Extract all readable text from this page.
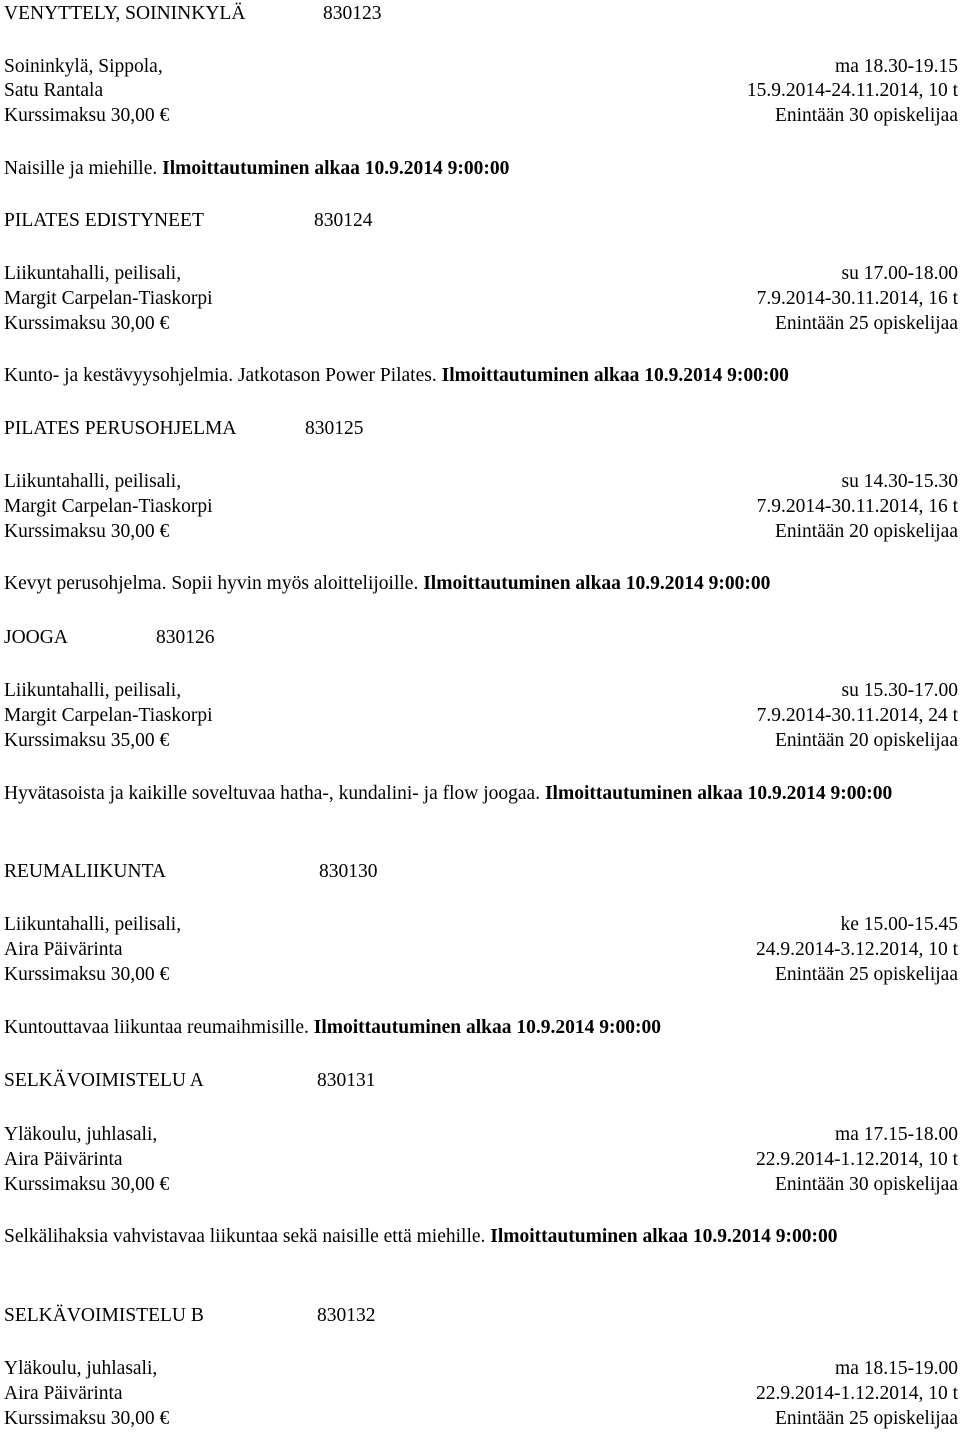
VENYTTELY, SOININKYLÄ	830123
Soininkylä, Sippola,	ma 18.30-19.15
Satu Rantala	15.9.2014-24.11.2014, 10 t
Kurssimaksu 30,00 €	Enintään 30 opiskelijaa
Naisille ja miehille. Ilmoittautuminen alkaa 10.9.2014 9:00:00
PILATES EDISTYNEET	830124
Liikuntahalli, peilisali,	su 17.00-18.00
Margit Carpelan-Tiaskorpi	7.9.2014-30.11.2014, 16 t
Kurssimaksu 30,00 €	Enintään 25 opiskelijaa
Kunto- ja kestävyysohjelmia. Jatkotason Power Pilates. Ilmoittautuminen alkaa 10.9.2014 9:00:00
PILATES PERUSOHJELMA	830125
Liikuntahalli, peilisali,	su 14.30-15.30
Margit Carpelan-Tiaskorpi	7.9.2014-30.11.2014, 16 t
Kurssimaksu 30,00 €	Enintään 20 opiskelijaa
Kevyt perusohjelma. Sopii hyvin myös aloittelijoille. Ilmoittautuminen alkaa 10.9.2014 9:00:00
JOOGA	830126
Liikuntahalli, peilisali,	su 15.30-17.00
Margit Carpelan-Tiaskorpi	7.9.2014-30.11.2014, 24 t
Kurssimaksu 35,00 €	Enintään 20 opiskelijaa
Hyvätasoista ja kaikille soveltuvaa hatha-, kundalini- ja flow joogaa. Ilmoittautuminen alkaa 10.9.2014 9:00:00
REUMALIIKUNTA	830130
Liikuntahalli, peilisali,	ke 15.00-15.45
Aira Päivärinta	24.9.2014-3.12.2014, 10 t
Kurssimaksu 30,00 €	Enintään 25 opiskelijaa
Kuntouttavaa liikuntaa reumaihmisille. Ilmoittautuminen alkaa 10.9.2014 9:00:00
SELKÄVOIMISTELU A	830131
Yläkoulu, juhlasali,	ma 17.15-18.00
Aira Päivärinta	22.9.2014-1.12.2014, 10 t
Kurssimaksu 30,00 €	Enintään 30 opiskelijaa
Selkälihaksia vahvistavaa liikuntaa sekä naisille että miehille. Ilmoittautuminen alkaa 10.9.2014 9:00:00
SELKÄVOIMISTELU B	830132
Yläkoulu, juhlasali,	ma 18.15-19.00
Aira Päivärinta	22.9.2014-1.12.2014, 10 t
Kurssimaksu 30,00 €	Enintään 25 opiskelijaa
